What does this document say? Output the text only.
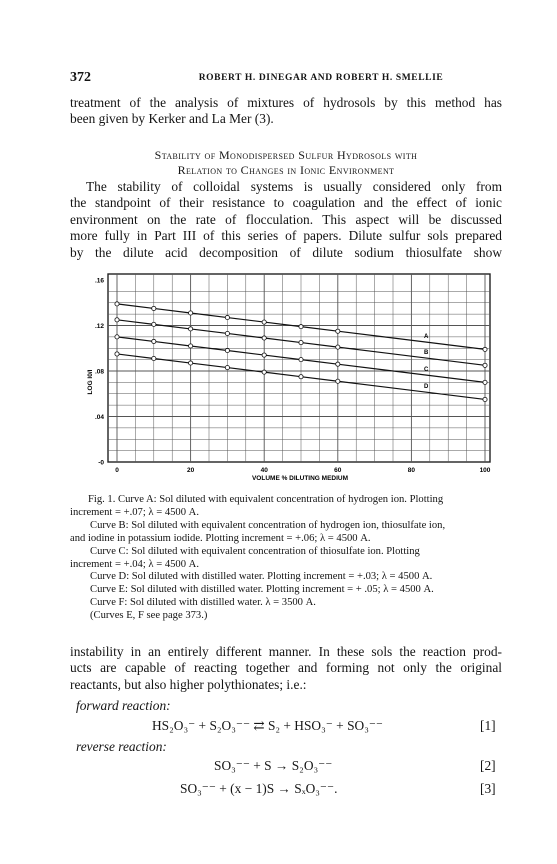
372	ROBERT H. DINEGAR AND ROBERT H. SMELLIE
treatment of the analysis of mixtures of hydrosols by this method has
been given by Kerker and La Mer (3).
Stability of Monodispersed Sulfur Hydrosols with
Relation to Changes in Ionic Environment
The stability of colloidal systems is usually considered only from
the standpoint of their resistance to coagulation and the effect of ionic
environment on the rate of flocculation. This aspect will be discussed
more fully in Part III of this series of papers. Dilute sulfur sols prepared
by the dilute acid decomposition of dilute sodium thiosulfate show
A
B
C
D
0	20	40	60	80	100
.16
.12
.08
.04
-0
VOLUME % DILUTING MEDIUM
LOG I0/I
Fig. 1. Curve A: Sol diluted with equivalent concentration of hydrogen ion. Plotting
increment = +.07; λ = 4500 A.
Curve B: Sol diluted with equivalent concentration of hydrogen ion, thiosulfate ion,
and iodine in potassium iodide. Plotting increment = +.06; λ = 4500 A.
Curve C: Sol diluted with equivalent concentration of thiosulfate ion. Plotting
increment = +.04; λ = 4500 A.
Curve D: Sol diluted with distilled water. Plotting increment = +.03; λ = 4500 A.
Curve E: Sol diluted with distilled water. Plotting increment = + .05; λ = 4500 A.
Curve F: Sol diluted with distilled water. λ = 3500 A.
(Curves E, F see page 373.)
instability in an entirely different manner. In these sols the reaction prod-
ucts are capable of reacting together and forming not only the original
reactants, but also higher polythionates; i.e.:
forward reaction:
HS₂O₃⁻ + S₂O₃⁻⁻ ⇄ S₂ + HSO₃⁻ + SO₃⁻⁻	[1]
reverse reaction:
SO₃⁻⁻ + S → S₂O₃⁻⁻	[2]
SO₃⁻⁻ + (x − 1)S → SₓO₃⁻⁻.	[3]
